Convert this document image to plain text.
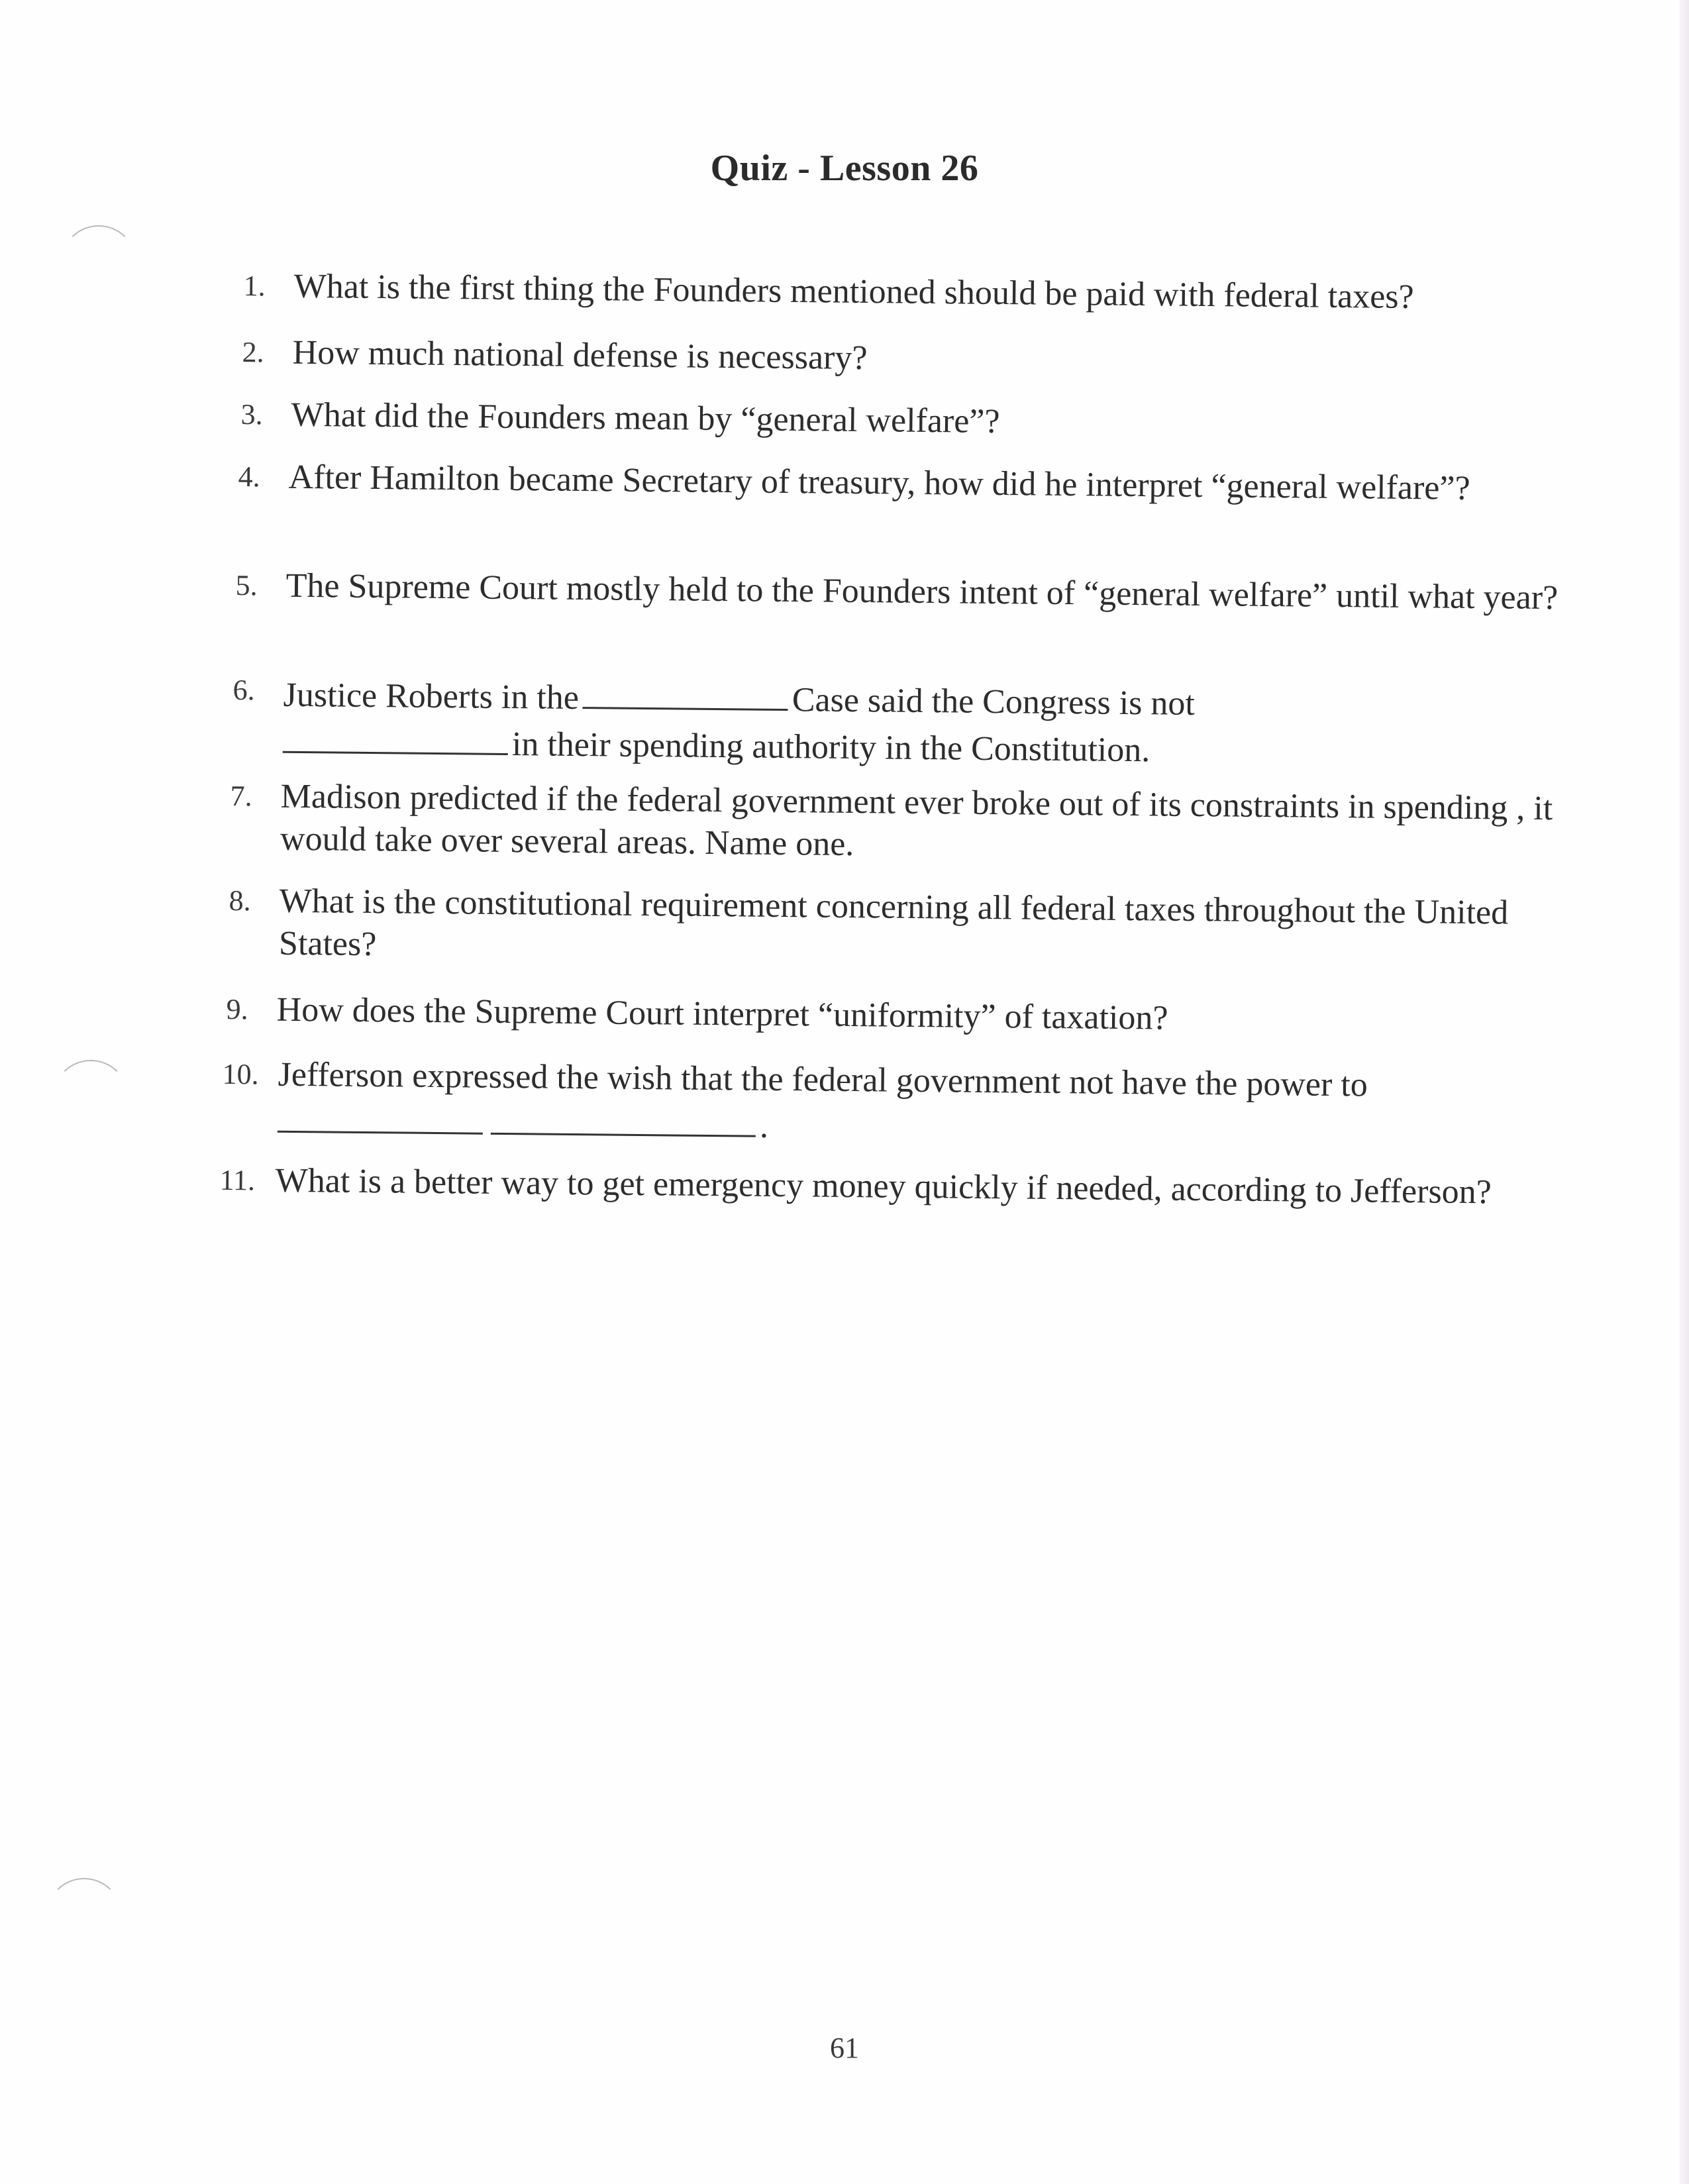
Quiz - Lesson 26
1. What is the first thing the Founders mentioned should be paid with federal taxes?
2. How much national defense is necessary?
3. What did the Founders mean by “general welfare”?
4. After Hamilton became Secretary of treasury, how did he interpret “general welfare”?
5. The Supreme Court mostly held to the Founders intent of “general welfare” until what year?
6. Justice Roberts in the	Case said the Congress is not
in their spending authority in the Constitution.
7. Madison predicted if the federal government ever broke out of its constraints in spending , it would take over several areas. Name one.
8. What is the constitutional requirement concerning all federal taxes throughout the United States?
9. How does the Supreme Court interpret “uniformity” of taxation?
10. Jefferson expressed the wish that the federal government not have the power to
.
11. What is a better way to get emergency money quickly if needed, according to Jefferson?
61
